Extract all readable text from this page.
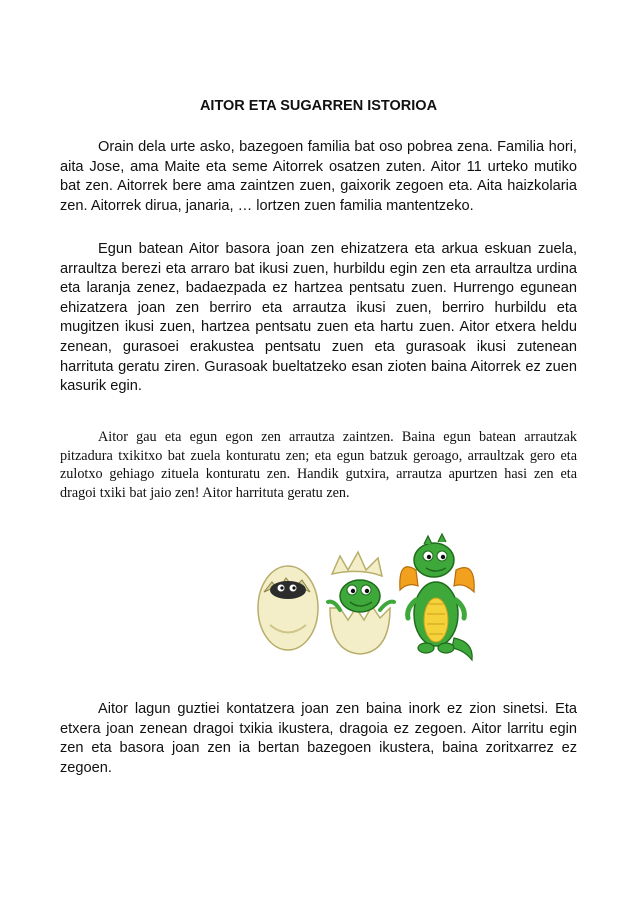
AITOR ETA SUGARREN ISTORIOA

Orain dela urte asko, bazegoen familia bat oso pobrea zena. Familia hori, aita Jose, ama Maite eta seme Aitorrek osatzen zuten. Aitor 11 urteko mutiko bat zen. Aitorrek bere ama zaintzen zuen, gaixorik zegoen eta. Aita haizkolaria zen. Aitorrek dirua, janaria, … lortzen zuen familia mantentzeko.

Egun batean Aitor basora joan zen ehizatzera eta arkua eskuan zuela, arraultza berezi eta arraro bat ikusi zuen, hurbildu egin zen eta arraultza urdina eta laranja zenez, badaezpada ez hartzea pentsatu zuen. Hurrengo egunean ehizatzera joan zen berriro eta arrautza ikusi zuen, berriro hurbildu eta mugitzen ikusi zuen, hartzea pentsatu zuen eta hartu zuen. Aitor etxera heldu zenean, gurasoei erakustea pentsatu zuen eta gurasoak ikusi zutenean harrituta geratu ziren. Gurasoak bueltatzeko esan zioten baina Aitorrek ez zuen kasurik egin.

Aitor gau eta egun egon zen arrautza zaintzen. Baina egun batean arrautzak pitzadura txikitxo bat zuela konturatu zen; eta egun batzuk geroago, arraultzak gero eta zulotxo gehiago zituela konturatu zen. Handik gutxira, arrautza apurtzen hasi zen eta dragoi txiki bat jaio zen! Aitor harrituta geratu zen.

Aitor lagun guztiei kontatzera joan zen baina inork ez zion sinetsi. Eta etxera joan zenean dragoi txikia ikustera, dragoia ez zegoen. Aitor larritu egin zen eta basora joan zen ia bertan bazegoen ikustera, baina zoritxarrez ez zegoen.
